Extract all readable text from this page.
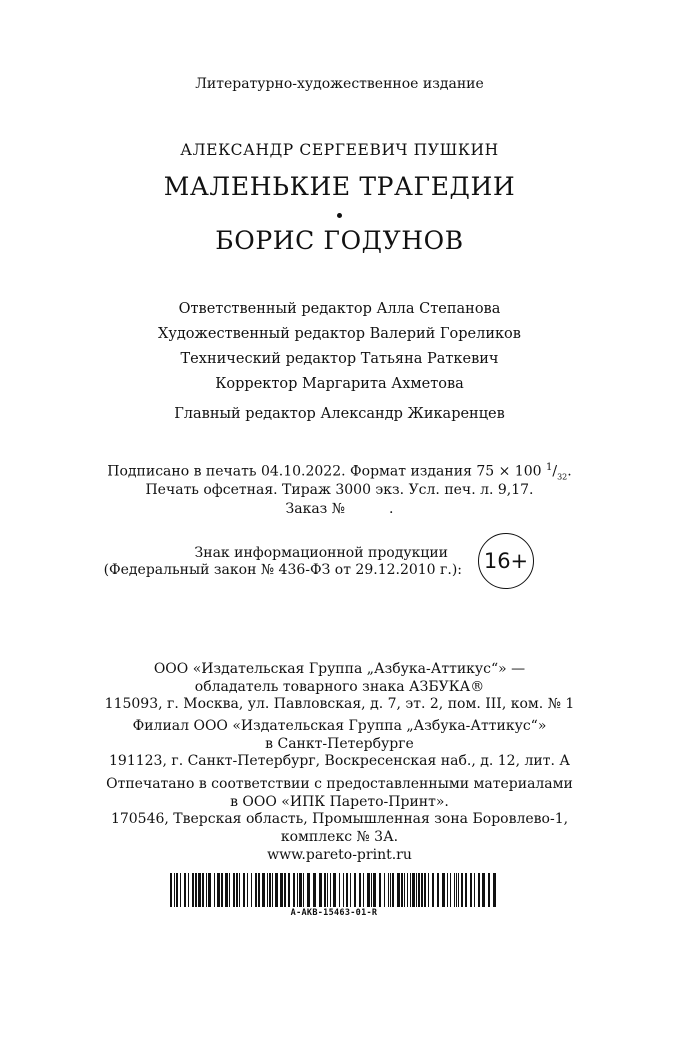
Литературно-художественное издание
АЛЕКСАНДР СЕРГЕЕВИЧ ПУШКИН
МАЛЕНЬКИЕ ТРАГЕДИИ
БОРИС ГОДУНОВ
Ответственный редактор Алла Степанова
Художественный редактор Валерий Гореликов
Технический редактор Татьяна Раткевич
Корректор Маргарита Ахметова
Главный редактор Александр Жикаренцев
Подписано в печать 04.10.2022. Формат издания 75 × 100 $^1/_{32}$.
Печать офсетная. Тираж 3000 экз. Усл. печ. л. 9,17.
Заказ №	.
Знак информационной продукции
(Федеральный закон № 436-ФЗ от 29.12.2010 г.): 16+
ООО «Издательская Группа „Азбука-Аттикус“» —
обладатель товарного знака АЗБУКА®
115093, г. Москва, ул. Павловская, д. 7, эт. 2, пом. III, ком. № 1
Филиал ООО «Издательская Группа „Азбука-Аттикус“»
в Санкт-Петербурге
191123, г. Санкт-Петербург, Воскресенская наб., д. 12, лит. А
Отпечатано в соответствии с предоставленными материалами
в ООО «ИПК Парето-Принт».
170546, Тверская область, Промышленная зона Боровлево-1,
комплекс № 3А.
www.pareto-print.ru
A-AKB-15463-01-R
